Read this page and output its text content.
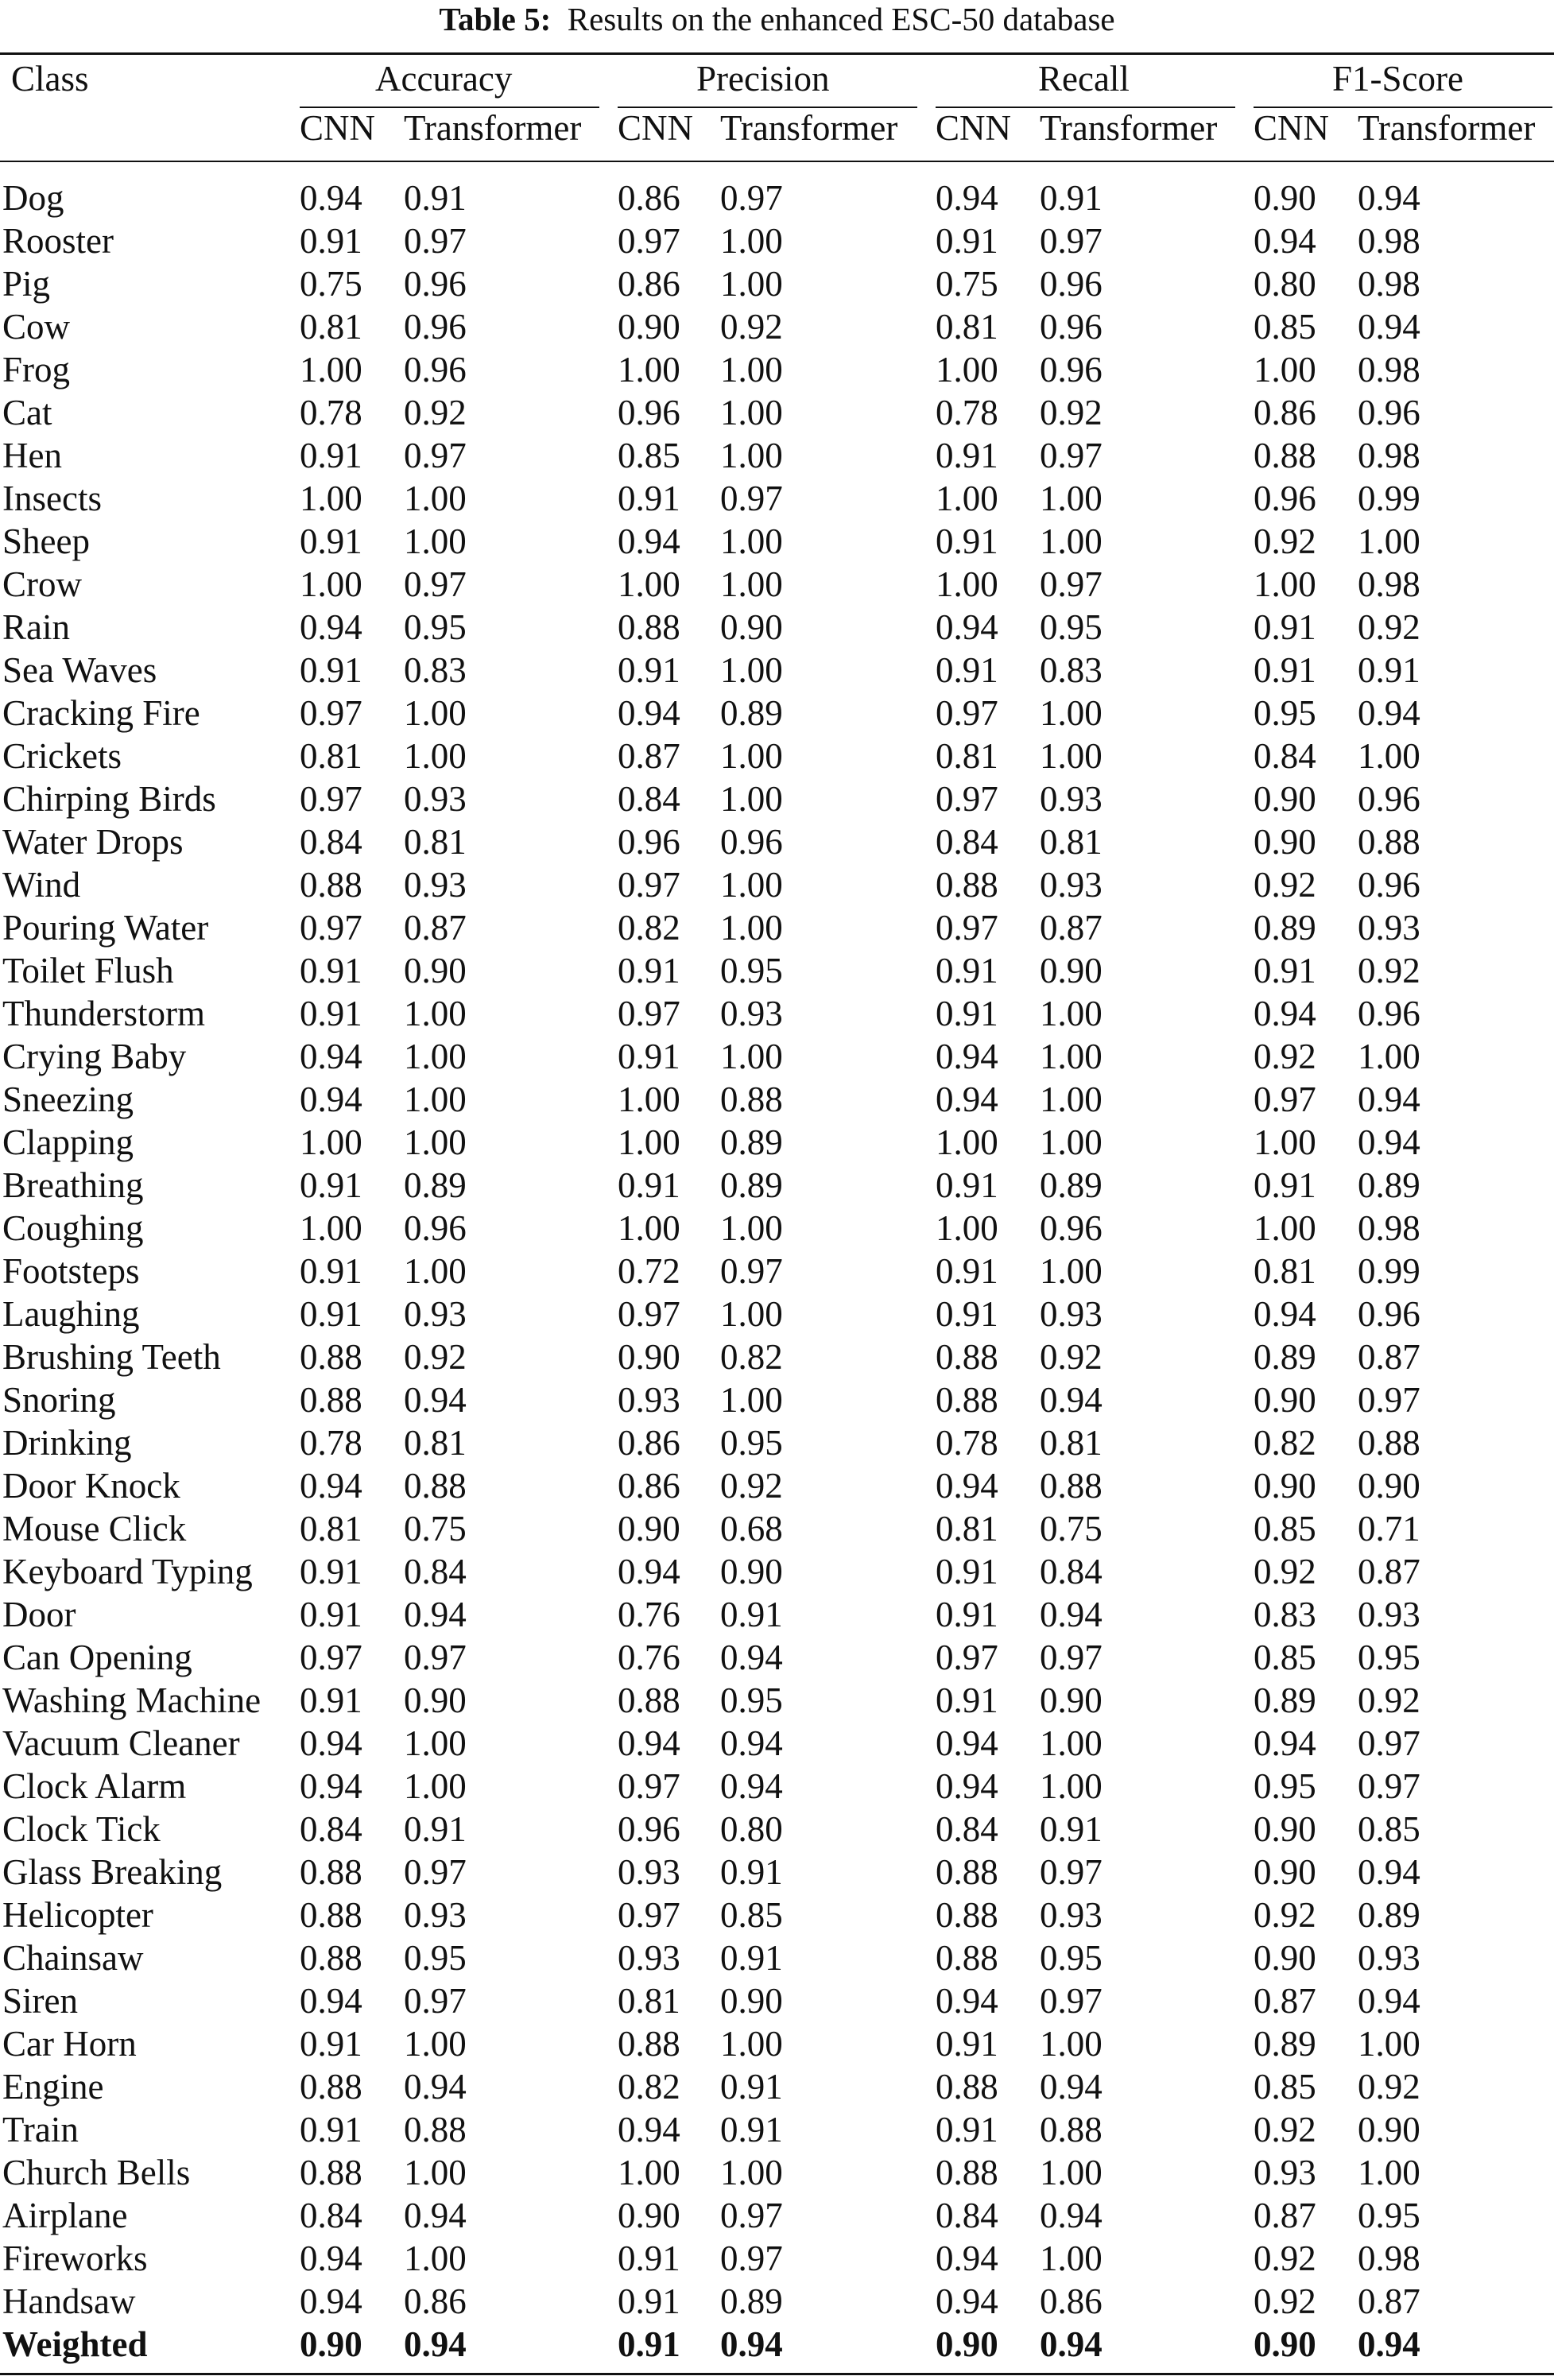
Table 5: Results on the enhanced ESC-50 database
Class	Accuracy	Precision	Recall	F1-Score
CNN Transformer CNN Transformer CNN Transformer CNN Transformer
Dog	0.94 0.91	0.86 0.97	0.94 0.91	0.90 0.94
Rooster	0.91 0.97	0.97 1.00	0.91 0.97	0.94 0.98
Pig	0.75 0.96	0.86 1.00	0.75 0.96	0.80 0.98
Cow	0.81 0.96	0.90 0.92	0.81 0.96	0.85 0.94
Frog	1.00 0.96	1.00 1.00	1.00 0.96	1.00 0.98
Cat	0.78 0.92	0.96 1.00	0.78 0.92	0.86 0.96
Hen	0.91 0.97	0.85 1.00	0.91 0.97	0.88 0.98
Insects	1.00 1.00	0.91 0.97	1.00 1.00	0.96 0.99
Sheep	0.91 1.00	0.94 1.00	0.91 1.00	0.92 1.00
Crow	1.00 0.97	1.00 1.00	1.00 0.97	1.00 0.98
Rain	0.94 0.95	0.88 0.90	0.94 0.95	0.91 0.92
Sea Waves	0.91 0.83	0.91 1.00	0.91 0.83	0.91 0.91
Cracking Fire	0.97 1.00	0.94 0.89	0.97 1.00	0.95 0.94
Crickets	0.81 1.00	0.87 1.00	0.81 1.00	0.84 1.00
Chirping Birds 0.97 0.93	0.84 1.00	0.97 0.93	0.90 0.96
Water Drops	0.84 0.81	0.96 0.96	0.84 0.81	0.90 0.88
Wind	0.88 0.93	0.97 1.00	0.88 0.93	0.92 0.96
Pouring Water	0.97 0.87	0.82 1.00	0.97 0.87	0.89 0.93
Toilet Flush	0.91 0.90	0.91 0.95	0.91 0.90	0.91 0.92
Thunderstorm	0.91 1.00	0.97 0.93	0.91 1.00	0.94 0.96
Crying Baby	0.94 1.00	0.91 1.00	0.94 1.00	0.92 1.00
Sneezing	0.94 1.00	1.00 0.88	0.94 1.00	0.97 0.94
Clapping	1.00 1.00	1.00 0.89	1.00 1.00	1.00 0.94
Breathing	0.91 0.89	0.91 0.89	0.91 0.89	0.91 0.89
Coughing	1.00 0.96	1.00 1.00	1.00 0.96	1.00 0.98
Footsteps	0.91 1.00	0.72 0.97	0.91 1.00	0.81 0.99
Laughing	0.91 0.93	0.97 1.00	0.91 0.93	0.94 0.96
Brushing Teeth 0.88 0.92	0.90 0.82	0.88 0.92	0.89 0.87
Snoring	0.88 0.94	0.93 1.00	0.88 0.94	0.90 0.97
Drinking	0.78 0.81	0.86 0.95	0.78 0.81	0.82 0.88
Door Knock	0.94 0.88	0.86 0.92	0.94 0.88	0.90 0.90
Mouse Click	0.81 0.75	0.90 0.68	0.81 0.75	0.85 0.71
Keyboard Typing 0.91 0.84	0.94 0.90	0.91 0.84	0.92 0.87
Door	0.91 0.94	0.76 0.91	0.91 0.94	0.83 0.93
Can Opening	0.97 0.97	0.76 0.94	0.97 0.97	0.85 0.95
Washing Machine 0.91 0.90	0.88 0.95	0.91 0.90	0.89 0.92
Vacuum Cleaner 0.94 1.00	0.94 0.94	0.94 1.00	0.94 0.97
Clock Alarm	0.94 1.00	0.97 0.94	0.94 1.00	0.95 0.97
Clock Tick	0.84 0.91	0.96 0.80	0.84 0.91	0.90 0.85
Glass Breaking 0.88 0.97	0.93 0.91	0.88 0.97	0.90 0.94
Helicopter	0.88 0.93	0.97 0.85	0.88 0.93	0.92 0.89
Chainsaw	0.88 0.95	0.93 0.91	0.88 0.95	0.90 0.93
Siren	0.94 0.97	0.81 0.90	0.94 0.97	0.87 0.94
Car Horn	0.91 1.00	0.88 1.00	0.91 1.00	0.89 1.00
Engine	0.88 0.94	0.82 0.91	0.88 0.94	0.85 0.92
Train	0.91 0.88	0.94 0.91	0.91 0.88	0.92 0.90
Church Bells	0.88 1.00	1.00 1.00	0.88 1.00	0.93 1.00
Airplane	0.84 0.94	0.90 0.97	0.84 0.94	0.87 0.95
Fireworks	0.94 1.00	0.91 0.97	0.94 1.00	0.92 0.98
Handsaw	0.94 0.86	0.91 0.89	0.94 0.86	0.92 0.87
Weighted	0.90 0.94	0.91 0.94	0.90 0.94	0.90 0.94
